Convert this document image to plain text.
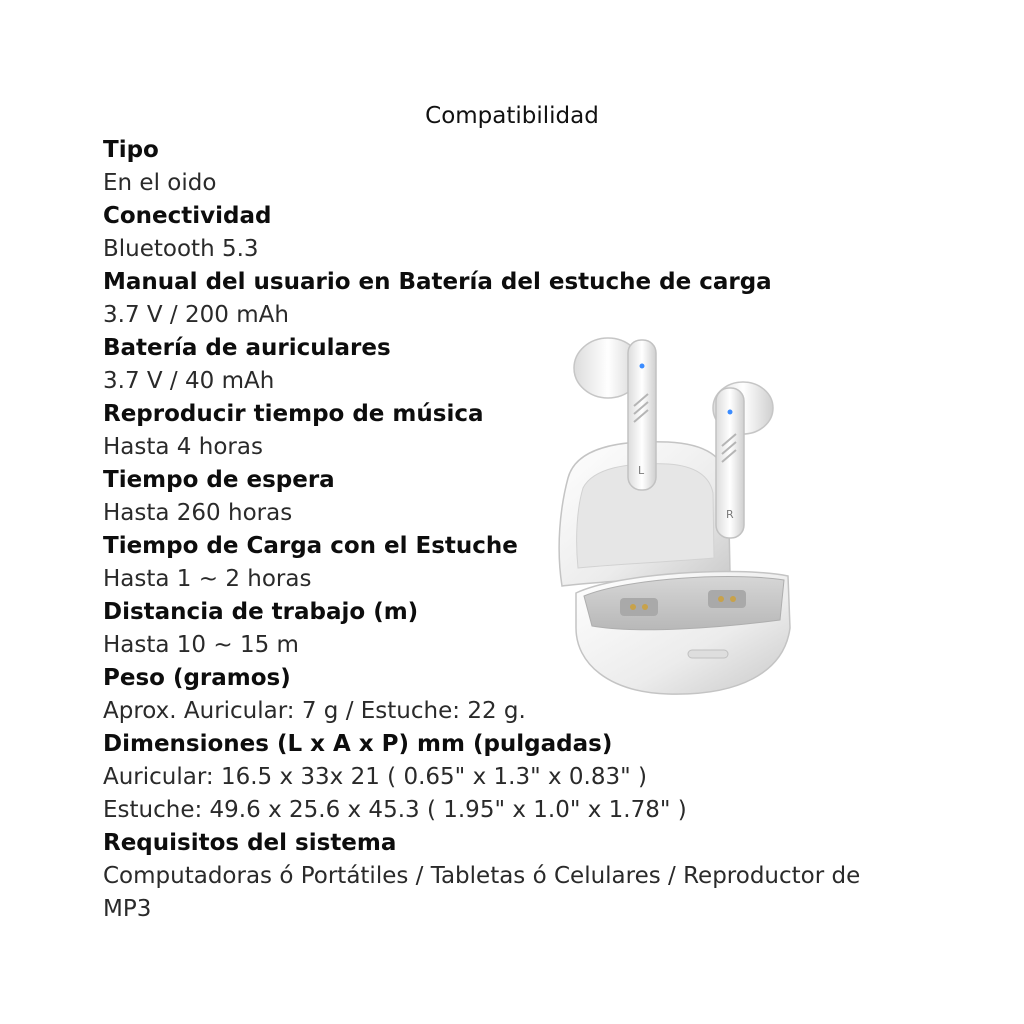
Compatibilidad
Tipo
En el oido
Conectividad
Bluetooth 5.3
Manual del usuario en Batería del estuche de carga
3.7 V / 200 mAh
Batería de auriculares
3.7 V / 40 mAh
Reproducir tiempo de música
Hasta 4 horas
Tiempo de espera
Hasta 260 horas
Tiempo de Carga con el Estuche
Hasta 1 ~ 2 horas
Distancia de trabajo (m)
Hasta 10 ~ 15 m
Peso (gramos)
Aprox. Auricular: 7 g / Estuche: 22 g.
Dimensiones (L x A x P) mm (pulgadas)
Auricular: 16.5 x 33x 21 ( 0.65" x 1.3" x 0.83" )
Estuche: 49.6 x 25.6 x 45.3 ( 1.95" x 1.0" x 1.78" )
Requisitos del sistema
Computadoras ó Portátiles / Tabletas ó Celulares / Reproductor de MP3
L
R
